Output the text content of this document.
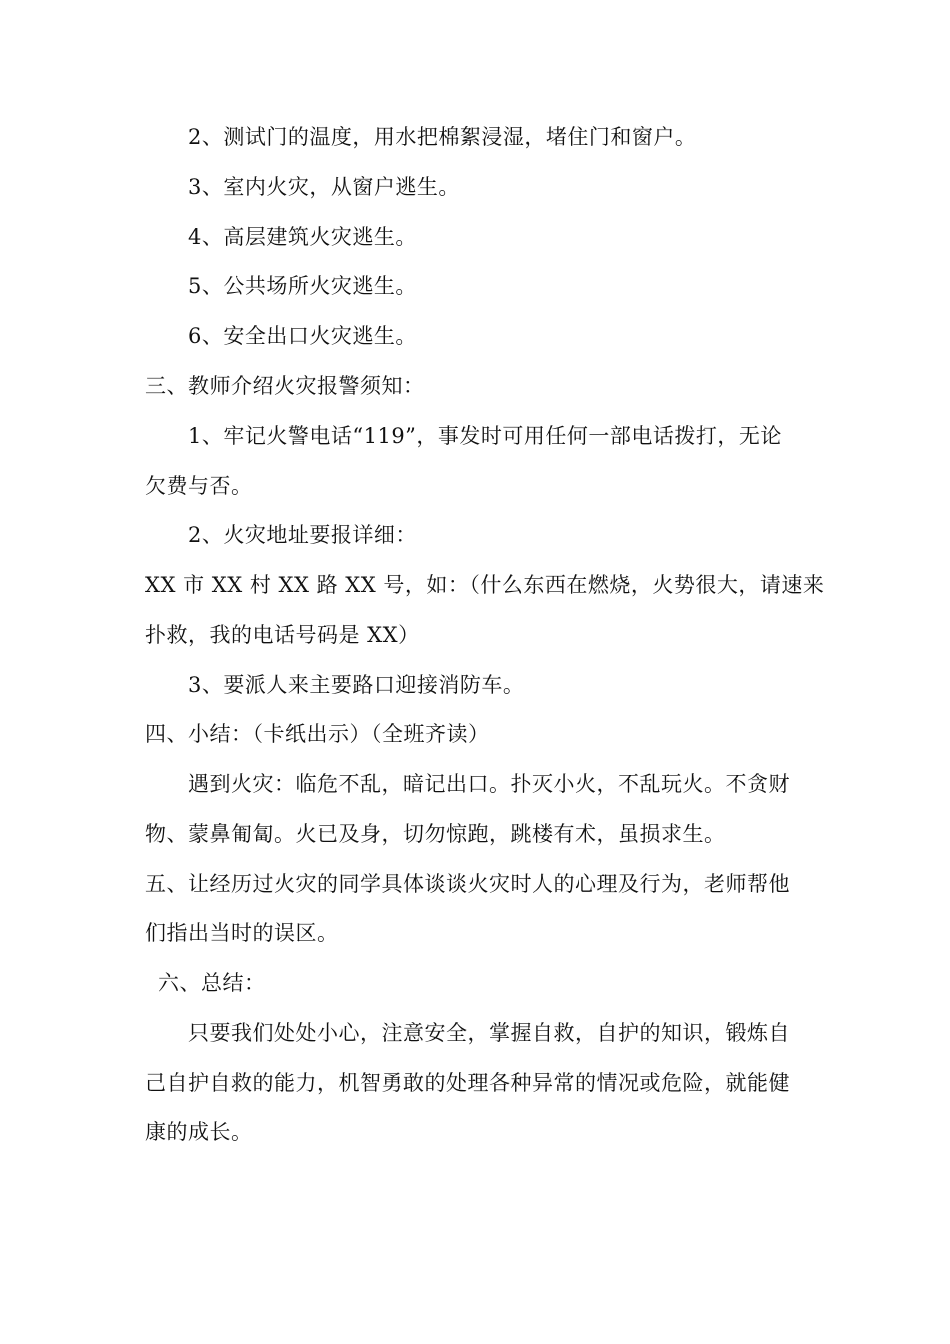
2、测试门的温度，用水把棉絮浸湿，堵住门和窗户。
3、室内火灾，从窗户逃生。
4、高层建筑火灾逃生。
5、公共场所火灾逃生。
6、安全出口火灾逃生。
三、教师介绍火灾报警须知：
1、牢记火警电话“119”，事发时可用任何一部电话拨打，无论
欠费与否。
2、火灾地址要报详细：
XX 市 XX 村 XX 路 XX 号，如：（什么东西在燃烧，火势很大，请速来
扑救，我的电话号码是 XX）
3、要派人来主要路口迎接消防车。
四、小结：（卡纸出示）（全班齐读）
遇到火灾：临危不乱，暗记出口。扑灭小火，不乱玩火。不贪财
物、蒙鼻匍匐。火已及身，切勿惊跑，跳楼有术，虽损求生。
五、让经历过火灾的同学具体谈谈火灾时人的心理及行为，老师帮他
们指出当时的误区。
六、总结：
只要我们处处小心，注意安全，掌握自救，自护的知识，锻炼自
己自护自救的能力，机智勇敢的处理各种异常的情况或危险，就能健
康的成长。
